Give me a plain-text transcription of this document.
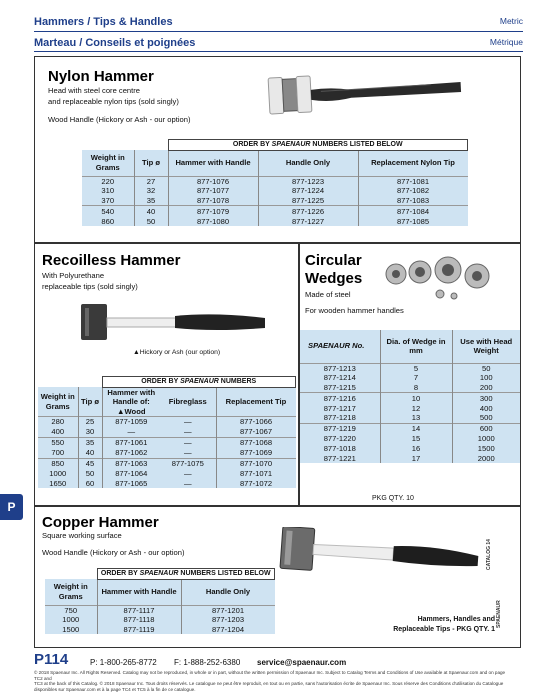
Hammers / Tips & Handles	Metric
Marteau / Conseils et poignées	Métrique
Nylon Hammer
Head with steel core centre
and replaceable nylon tips (sold singly)
Wood Handle (Hickory or Ash - our option)
		ORDER BY SPAENAUR NUMBERS LISTED BELOW		
Weight in Grams	Tip ø	Hammer with Handle	Handle Only	Replacement Nylon Tip
220	27	877-1076	877-1223	877-1081
310	32	877-1077	877-1224	877-1082
370	35	877-1078	877-1225	877-1083
540	40	877-1079	877-1226	877-1084
860	50	877-1080	877-1227	877-1085
Recoilless Hammer
With Polyurethane
replaceable tips (sold singly)
▲Hickory or Ash (our option)
		ORDER BY SPAENAUR NUMBERS		
Weight in Grams	Tip ø	Hammer with Handle of: ▲Wood	Fibreglass	Replacement Tip
280	25	877-1059	—	877-1066
400	30	—	—	877-1067
550	35	877-1061	—	877-1068
700	40	877-1062	—	877-1069
850	45	877-1063	877-1075	877-1070
1000	50	877-1064	—	877-1071
1650	60	877-1065	—	877-1072
Circular
Wedges
Made of steel
For wooden hammer handles
SPAENAUR No.	Dia. of Wedge in mm	Use with Head Weight
877-1213	5	50
877-1214	7	100
877-1215	8	200
877-1216	10	300
877-1217	12	400
877-1218	13	500
877-1219	14	600
877-1220	15	1000
877-1018	16	1500
877-1221	17	2000
PKG QTY. 10
P
Copper Hammer
Square working surface
Wood Handle (Hickory or Ash - our option)
	ORDER BY SPAENAUR NUMBERS LISTED BELOW	
Weight in Grams	Hammer with Handle	Handle Only
750	877-1117	877-1201
1000	877-1118	877-1203
1500	877-1119	877-1204
Hammers, Handles and
Replaceable Tips - PKG QTY. 1
CATALOG 14
SPAENAUR
P114	P: 1-800-265-8772 F: 1-888-252-6380 service@spaenaur.com
© 2018 Spaenaur Inc. All Rights Reserved. Catalog may not be reproduced, in whole or in part, without the written permission of Spaenaur Inc. Subject to Catalog Terms and Conditions of Use available at Spaenaur.com and on page TC2 and
TC3 at the back of this Catalog. © 2018 Spaenaur Inc. Tous droits réservés. Le catalogue ne peut être reproduit, en tout ou en partie, sans l'autorisation écrite de Spaenaur Inc. Sous réserve des Conditions d'utilisation du Catalogue
disponibles sur Spaenaur.com et à la page TC4 et TC5 à la fin de ce catalogue.
